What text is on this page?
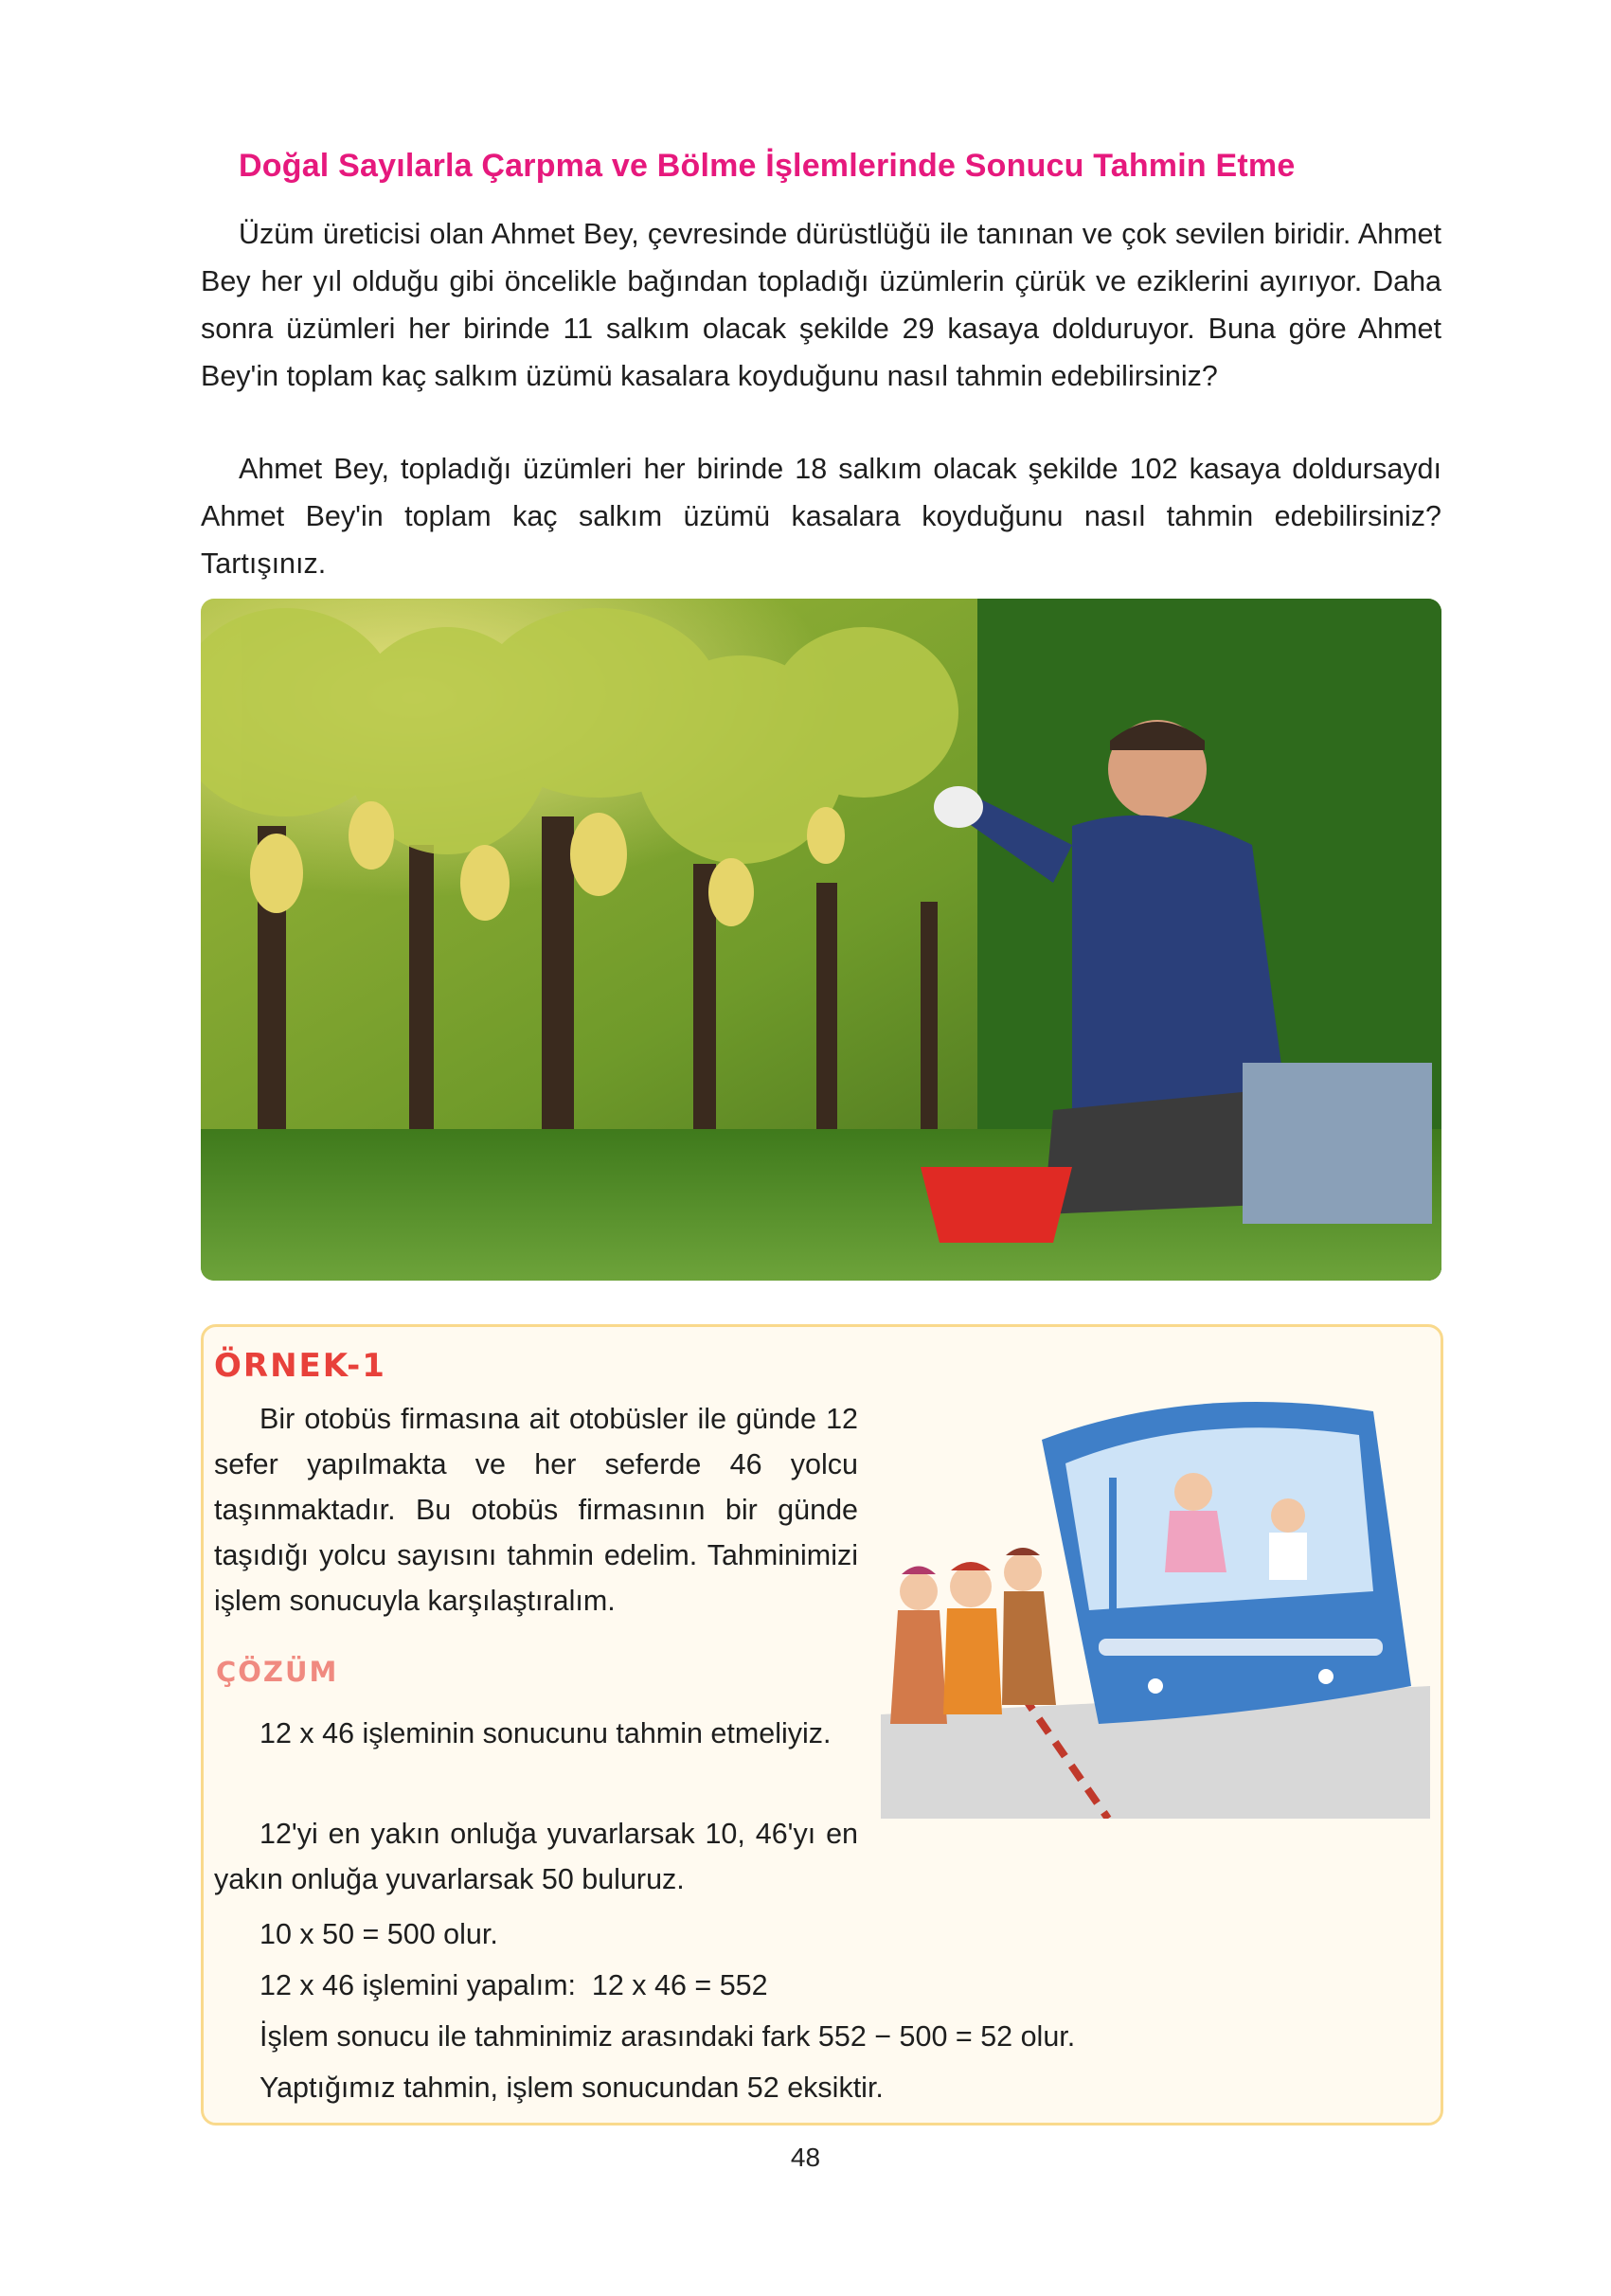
Doğal Sayılarla Çarpma ve Bölme İşlemlerinde Sonucu Tahmin Etme
Üzüm üreticisi olan Ahmet Bey, çevresinde dürüstlüğü ile tanınan ve çok sevilen biridir. Ahmet Bey her yıl olduğu gibi öncelikle bağından topladığı üzümlerin çürük ve eziklerini ayırıyor. Daha sonra üzümleri her birinde 11 salkım olacak şekilde 29 kasaya dolduruyor. Buna göre Ahmet Bey'in toplam kaç salkım üzümü kasalara koyduğunu nasıl tahmin edebilirsiniz?
Ahmet Bey, topladığı üzümleri her birinde 18 salkım olacak şekilde 102 kasaya doldursaydı Ahmet Bey'in toplam kaç salkım üzümü kasalara koyduğunu nasıl tahmin edebilirsiniz? Tartışınız.
ÖRNEK-1
Bir otobüs firmasına ait otobüsler ile günde 12 sefer yapılmakta ve her seferde 46 yolcu taşınmaktadır. Bu otobüs firmasının bir günde taşıdığı yolcu sayısını tahmin edelim. Tahminimizi işlem sonucuyla karşılaştıralım.
ÇÖZÜM
12 x 46 işleminin sonucunu tahmin etmeliyiz.
12'yi en yakın onluğa yuvarlarsak 10, 46'yı en yakın onluğa yuvarlarsak 50 buluruz.
10 x 50 = 500 olur.
12 x 46 işlemini yapalım:  12 x 46 = 552
İşlem sonucu ile tahminimiz arasındaki fark 552 − 500 = 52 olur.
Yaptığımız tahmin, işlem sonucundan 52 eksiktir.
48
